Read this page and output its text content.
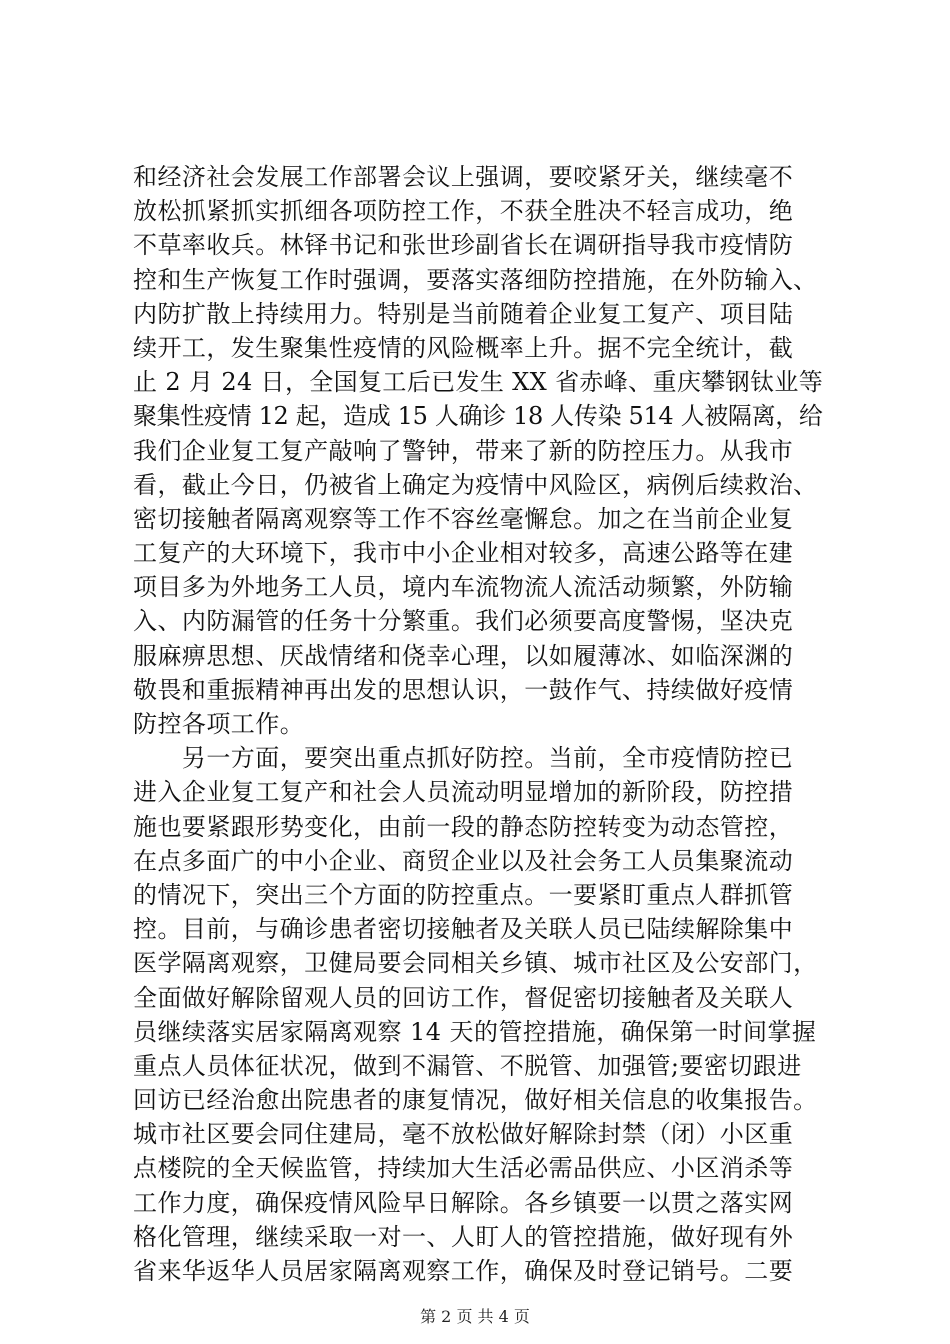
和经济社会发展工作部署会议上强调，要咬紧牙关，继续毫不
放松抓紧抓实抓细各项防控工作，不获全胜决不轻言成功，绝
不草率收兵。林铎书记和张世珍副省长在调研指导我市疫情防
控和生产恢复工作时强调，要落实落细防控措施，在外防输入、
内防扩散上持续用力。特别是当前随着企业复工复产、项目陆
续开工，发生聚集性疫情的风险概率上升。据不完全统计，截
止 2 月 24 日，全国复工后已发生 XX 省赤峰、重庆攀钢钛业等
聚集性疫情 12 起，造成 15 人确诊 18 人传染 514 人被隔离，给
我们企业复工复产敲响了警钟，带来了新的防控压力。从我市
看，截止今日，仍被省上确定为疫情中风险区，病例后续救治、
密切接触者隔离观察等工作不容丝毫懈怠。加之在当前企业复
工复产的大环境下，我市中小企业相对较多，高速公路等在建
项目多为外地务工人员，境内车流物流人流活动频繁，外防输
入、内防漏管的任务十分繁重。我们必须要高度警惕，坚决克
服麻痹思想、厌战情绪和侥幸心理，以如履薄冰、如临深渊的
敬畏和重振精神再出发的思想认识，一鼓作气、持续做好疫情
防控各项工作。
　　另一方面，要突出重点抓好防控。当前，全市疫情防控已
进入企业复工复产和社会人员流动明显增加的新阶段，防控措
施也要紧跟形势变化，由前一段的静态防控转变为动态管控，
在点多面广的中小企业、商贸企业以及社会务工人员集聚流动
的情况下，突出三个方面的防控重点。一要紧盯重点人群抓管
控。目前，与确诊患者密切接触者及关联人员已陆续解除集中
医学隔离观察，卫健局要会同相关乡镇、城市社区及公安部门，
全面做好解除留观人员的回访工作，督促密切接触者及关联人
员继续落实居家隔离观察 14 天的管控措施，确保第一时间掌握
重点人员体征状况，做到不漏管、不脱管、加强管;要密切跟进
回访已经治愈出院患者的康复情况，做好相关信息的收集报告。
城市社区要会同住建局，毫不放松做好解除封禁（闭）小区重
点楼院的全天候监管，持续加大生活必需品供应、小区消杀等
工作力度，确保疫情风险早日解除。各乡镇要一以贯之落实网
格化管理，继续采取一对一、人盯人的管控措施，做好现有外
省来华返华人员居家隔离观察工作，确保及时登记销号。二要
第 2 页 共 4 页
